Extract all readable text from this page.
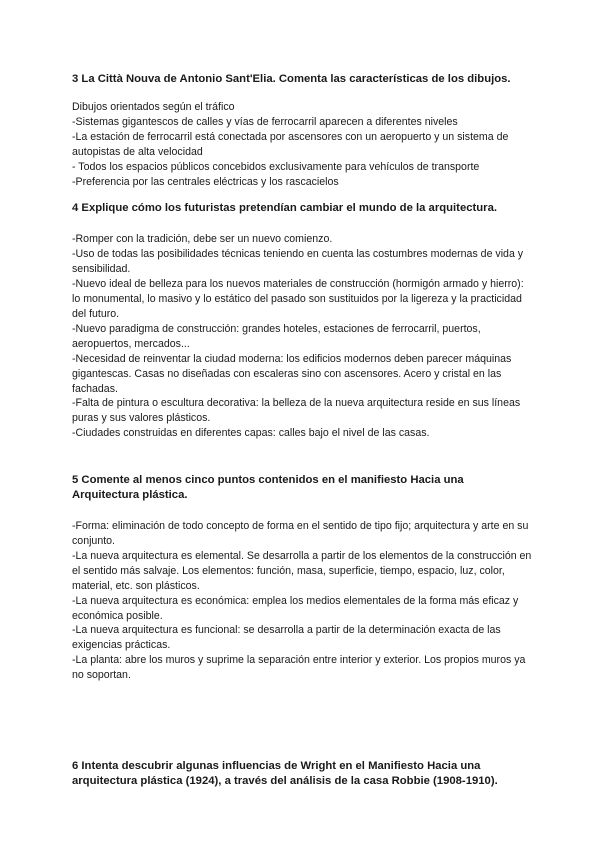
3 La Città Nouva de Antonio Sant'Elia. Comenta las características de los dibujos.

Dibujos orientados según el tráfico
-Sistemas gigantescos de calles y vías de ferrocarril aparecen a diferentes niveles
-La estación de ferrocarril está conectada por ascensores con un aeropuerto y un sistema de autopistas de alta velocidad
- Todos los espacios públicos concebidos exclusivamente para vehículos de transporte
-Preferencia por las centrales eléctricas y los rascacielos

4 Explique cómo los futuristas pretendían cambiar el mundo de la arquitectura.

-Romper con la tradición, debe ser un nuevo comienzo.
-Uso de todas las posibilidades técnicas teniendo en cuenta las costumbres modernas de vida y sensibilidad.
-Nuevo ideal de belleza para los nuevos materiales de construcción (hormigón armado y hierro): lo monumental, lo masivo y lo estático del pasado son sustituidos por la ligereza y la practicidad del futuro.
-Nuevo paradigma de construcción: grandes hoteles, estaciones de ferrocarril, puertos, aeropuertos, mercados...
-Necesidad de reinventar la ciudad moderna: los edificios modernos deben parecer máquinas gigantescas. Casas no diseñadas con escaleras sino con ascensores. Acero y cristal en las fachadas.
-Falta de pintura o escultura decorativa: la belleza de la nueva arquitectura reside en sus líneas puras y sus valores plásticos.
-Ciudades construidas en diferentes capas: calles bajo el nivel de las casas.

5 Comente al menos cinco puntos contenidos en el manifiesto Hacia una Arquitectura plástica.

-Forma: eliminación de todo concepto de forma en el sentido de tipo fijo; arquitectura y arte en su conjunto.
-La nueva arquitectura es elemental. Se desarrolla a partir de los elementos de la construcción en el sentido más salvaje. Los elementos: función, masa, superficie, tiempo, espacio, luz, color, material, etc. son plásticos.
-La nueva arquitectura es económica: emplea los medios elementales de la forma más eficaz y económica posible.
-La nueva arquitectura es funcional: se desarrolla a partir de la determinación exacta de las exigencias prácticas.
-La planta: abre los muros y suprime la separación entre interior y exterior. Los propios muros ya no soportan.

6 Intenta descubrir algunas influencias de Wright en el Manifiesto Hacia una arquitectura plástica (1924), a través del análisis de la casa Robbie (1908-1910).
